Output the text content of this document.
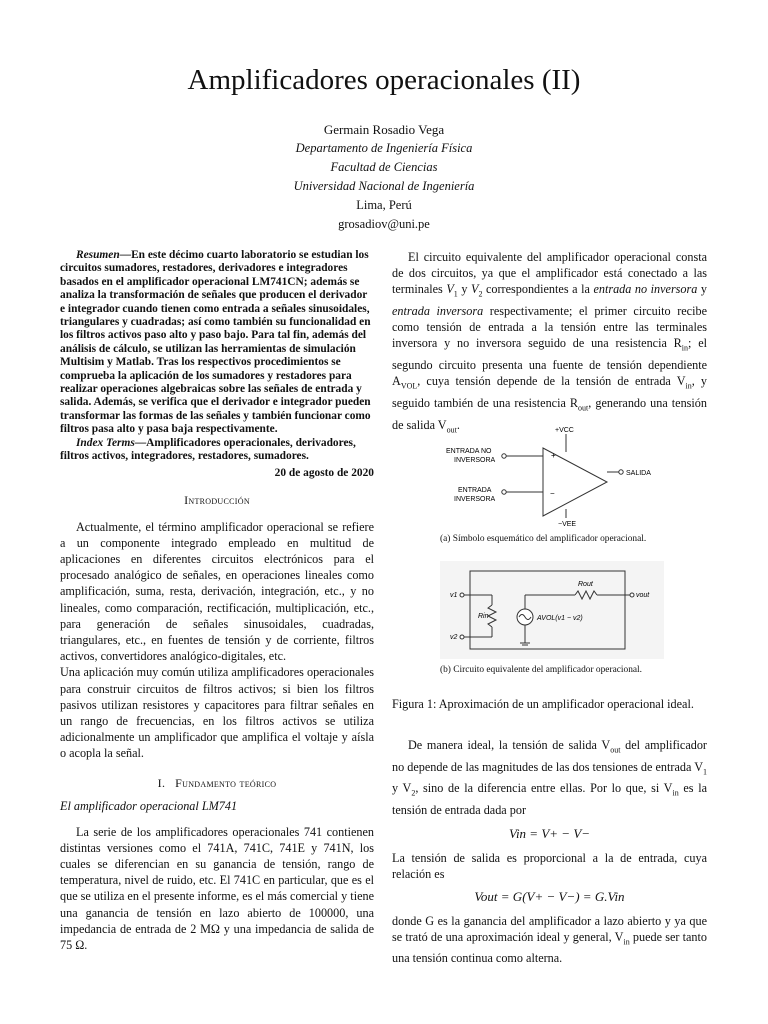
Amplificadores operacionales (II)
Germain Rosadio Vega
Departamento de Ingeniería Física
Facultad de Ciencias
Universidad Nacional de Ingeniería
Lima, Perú
grosadiov@uni.pe

Resumen—En este décimo cuarto laboratorio se estudian los circuitos sumadores, restadores, derivadores e integradores basados en el amplificador operacional LM741CN; además se analiza la transformación de señales que producen el derivador e integrador cuando tienen como entrada a señales sinusoidales, triangulares y cuadradas; así como también su funcionalidad en los filtros activos paso alto y paso bajo. Para tal fin, además del análisis de cálculo, se utilizan las herramientas de simulación Multisim y Matlab. Tras los respectivos procedimientos se comprueba la aplicación de los sumadores y restadores para realizar operaciones algebraicas sobre las señales de entrada y salida. Además, se verifica que el derivador e integrador pueden transformar las formas de las señales y también funcionar como filtros pasa alto y pasa baja respectivamente.

Index Terms—Amplificadores operacionales, derivadores, filtros activos, integradores, restadores, sumadores.

20 de agosto de 2020
Introducción

Actualmente, el término amplificador operacional se refiere a un componente integrado empleado en multitud de aplicaciones en diferentes circuitos electrónicos para el procesado analógico de señales, en operaciones lineales como amplificación, suma, resta, derivación, integración, etc., y no lineales, como comparación, rectificación, multiplicación, etc., para generación de señales sinusoidales, cuadradas, triangulares, etc., en fuentes de tensión y de corriente, filtros activos, convertidores analógico-digitales, etc.

Una aplicación muy común utiliza amplificadores operacionales para construir circuitos de filtros activos; si bien los filtros pasivos utilizan resistores y capacitores para filtrar señales en un rango de frecuencias, en los filtros activos se utiliza adicionalmente un amplificador que amplifica el voltaje y aísla o acopla la señal.

I. Fundamento teórico
El amplificador operacional LM741

La serie de los amplificadores operacionales 741 contienen distintas versiones como el 741A, 741C, 741E y 741N, los cuales se diferencian en su ganancia de tensión, rango de temperatura, nivel de ruido, etc. El 741C en particular, que es el que se utiliza en el presente informe, es el más comercial y tiene una ganancia de tensión en lazo abierto de 100000, una impedancia de entrada de 2 MΩ y una impedancia de salida de 75 Ω.

El circuito equivalente del amplificador operacional consta de dos circuitos, ya que el amplificador está conectado a las terminales $V_1$ y $V_2$ correspondientes a la entrada no inversora y entrada inversora respectivamente; el primer circuito recibe como tensión de entrada a la tensión entre las terminales inversora y no inversora seguido de una resistencia $R_{in}$; el segundo circuito presenta una fuente de tensión dependiente $A_{VOL}$, cuya tensión depende de la tensión de entrada $V_{in}$, y seguido también de una resistencia $R_{out}$, generando una tensión de salida $V_{out}$.	+VCC
−VEE
ENTRADA NO
INVERSORA
+
ENTRADA
INVERSORA
−
SALIDA
(a) Símbolo esquemático del amplificador operacional.
v1
v2
Rin
vout
Rout
AVOL(v1 − v2)
(b) Circuito equivalente del amplificador operacional.
Figura 1: Aproximación de un amplificador operacional ideal.

De manera ideal, la tensión de salida $V_{out}$ del amplificador no depende de las magnitudes de las dos tensiones de entrada $V_1$ y $V_2$, sino de la diferencia entre ellas. Por lo que, si $V_{in}$ es la tensión de entrada dada por

Vin = V+ − V−

La tensión de salida es proporcional a la de entrada, cuya relación es

Vout = G(V+ − V−) = G.Vin

donde G es la ganancia del amplificador a lazo abierto y ya que se trató de una aproximación ideal y general, $V_{in}$ puede ser tanto una tensión continua como alterna.
